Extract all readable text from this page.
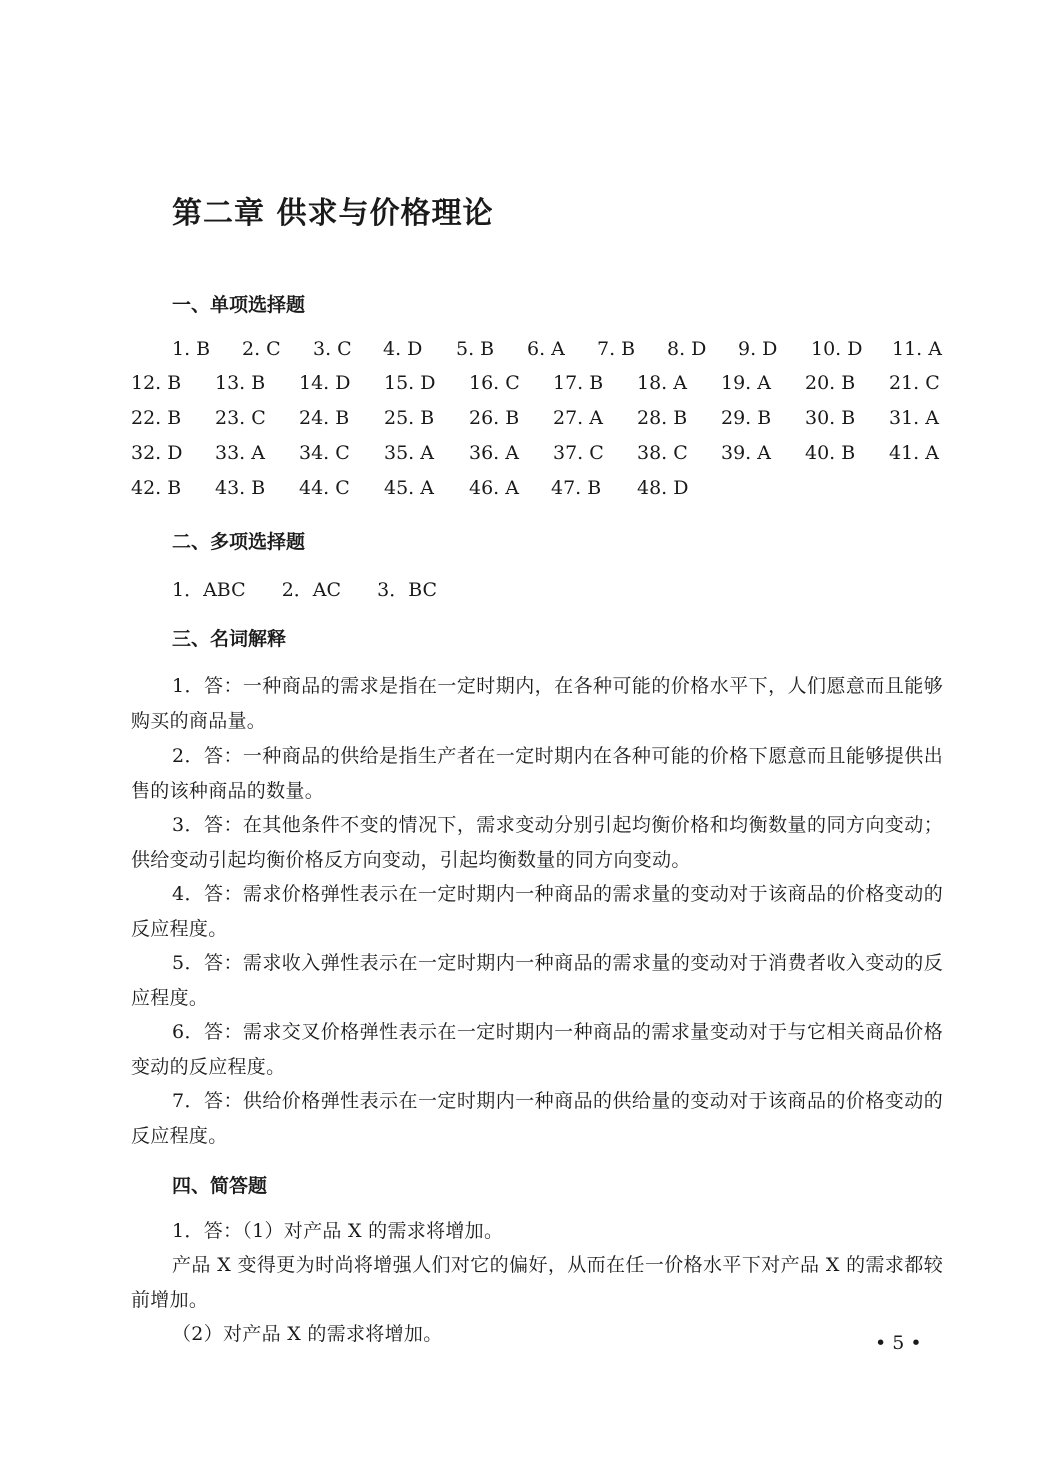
第二章 供求与价格理论
一、单项选择题
1. B 2. C 3. C 4. D 5. B 6. A 7. B 8. D 9. D 10. D 11. A
12. B 13. B 14. D 15. D 16. C 17. B 18. A 19. A 20. B 21. C
22. B 23. C 24. B 25. B 26. B 27. A 28. B 29. B 30. B 31. A
32. D 33. A 34. C 35. A 36. A 37. C 38. C 39. A 40. B 41. A
42. B 43. B 44. C 45. A 46. A 47. B 48. D
二、多项选择题
1．ABC 2．AC 3．BC
三、名词解释

1．答：一种商品的需求是指在一定时期内，在各种可能的价格水平下，人们愿意而且能够购买的商品量。

2．答：一种商品的供给是指生产者在一定时期内在各种可能的价格下愿意而且能够提供出售的该种商品的数量。

3．答：在其他条件不变的情况下，需求变动分别引起均衡价格和均衡数量的同方向变动；供给变动引起均衡价格反方向变动，引起均衡数量的同方向变动。

4．答：需求价格弹性表示在一定时期内一种商品的需求量的变动对于该商品的价格变动的反应程度。

5．答：需求收入弹性表示在一定时期内一种商品的需求量的变动对于消费者收入变动的反应程度。

6．答：需求交叉价格弹性表示在一定时期内一种商品的需求量变动对于与它相关商品价格变动的反应程度。

7．答：供给价格弹性表示在一定时期内一种商品的供给量的变动对于该商品的价格变动的反应程度。

四、简答题

1．答：（1）对产品 X 的需求将增加。

产品 X 变得更为时尚将增强人们对它的偏好，从而在任一价格水平下对产品 X 的需求都较前增加。

（2）对产品 X 的需求将增加。	• 5 •
